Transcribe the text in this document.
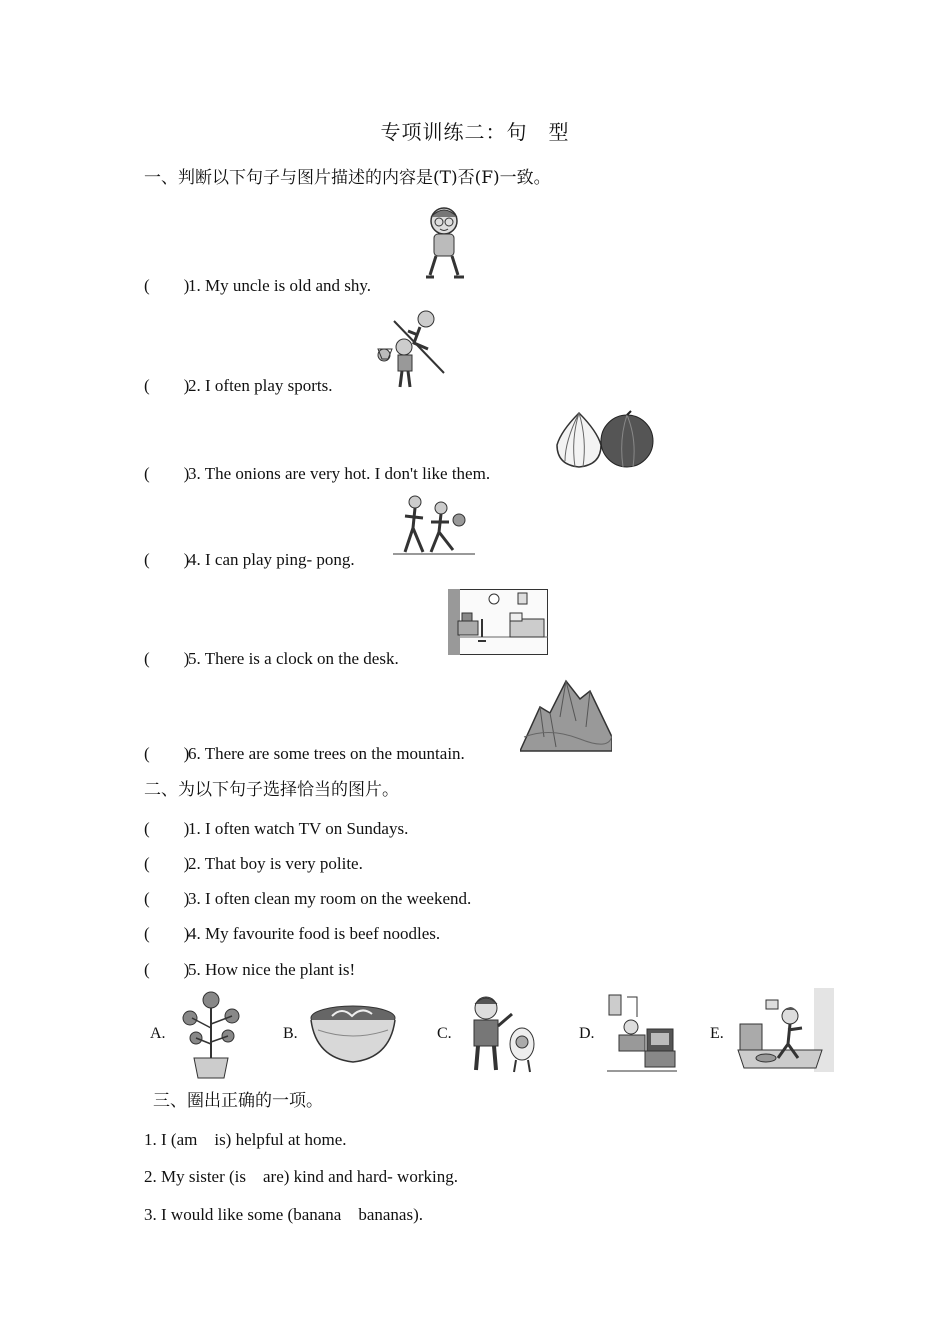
专项训练二：句　型
一、判断以下句子与图片描述的内容是(T)否(F)一致。
(　　)1. My uncle is old and shy.
(　　)2. I often play sports.
(　　)3. The onions are very hot. I don't like them.
(　　)4. I can play ping- pong.
(　　)5. There is a clock on the desk.
(　　)6. There are some trees on the mountain.
二、为以下句子选择恰当的图片。
(　　)1. I often watch TV on Sundays.
(　　)2. That boy is very polite.
(　　)3. I often clean my room on the weekend.
(　　)4. My favourite food is beef noodles.
(　　)5. How nice the plant is!
A.	B.	C.	D.	E.
三、圈出正确的一项。
1. I (am　is) helpful at home.
2. My sister (is　are) kind and hard- working.
3. I would like some (banana　bananas).
